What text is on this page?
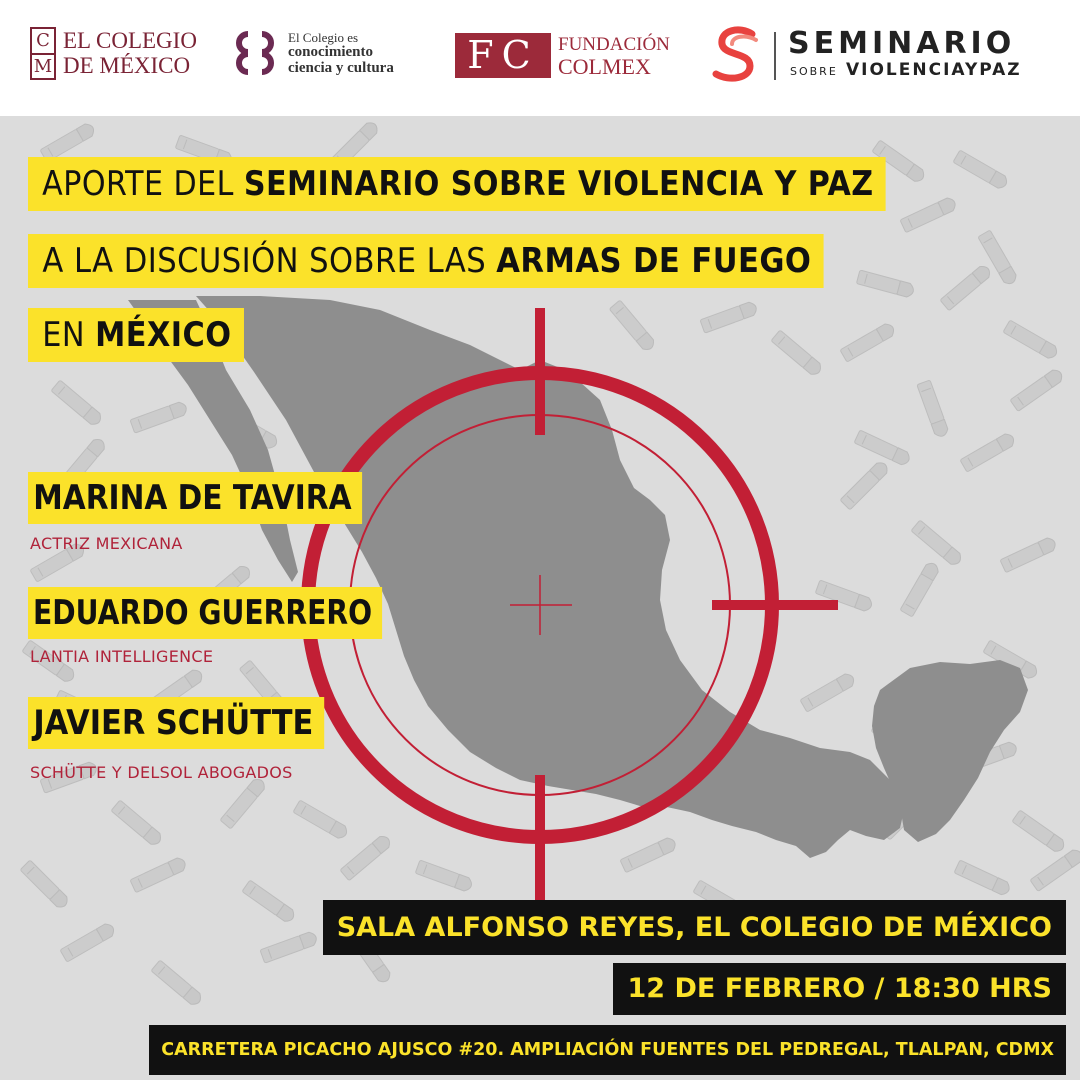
C
M
EL COLEGIO
DE MÉXICO
El Colegio es
conocimiento
ciencia y cultura	FC	FUNDACIÓN
COLMEX
SEMINARIO
SOBRE VIOLENCIAYPAZ
APORTE DEL SEMINARIO SOBRE VIOLENCIA Y PAZ
A LA DISCUSIÓN SOBRE LAS ARMAS DE FUEGO
EN MÉXICO
MARINA DE TAVIRA
ACTRIZ MEXICANA
EDUARDO GUERRERO
LANTIA INTELLIGENCE
JAVIER SCHÜTTE
SCHÜTTE Y DELSOL ABOGADOS
SALA ALFONSO REYES, EL COLEGIO DE MÉXICO
12 DE FEBRERO / 18:30 HRS
CARRETERA PICACHO AJUSCO #20. AMPLIACIÓN FUENTES DEL PEDREGAL, TLALPAN, CDMX
